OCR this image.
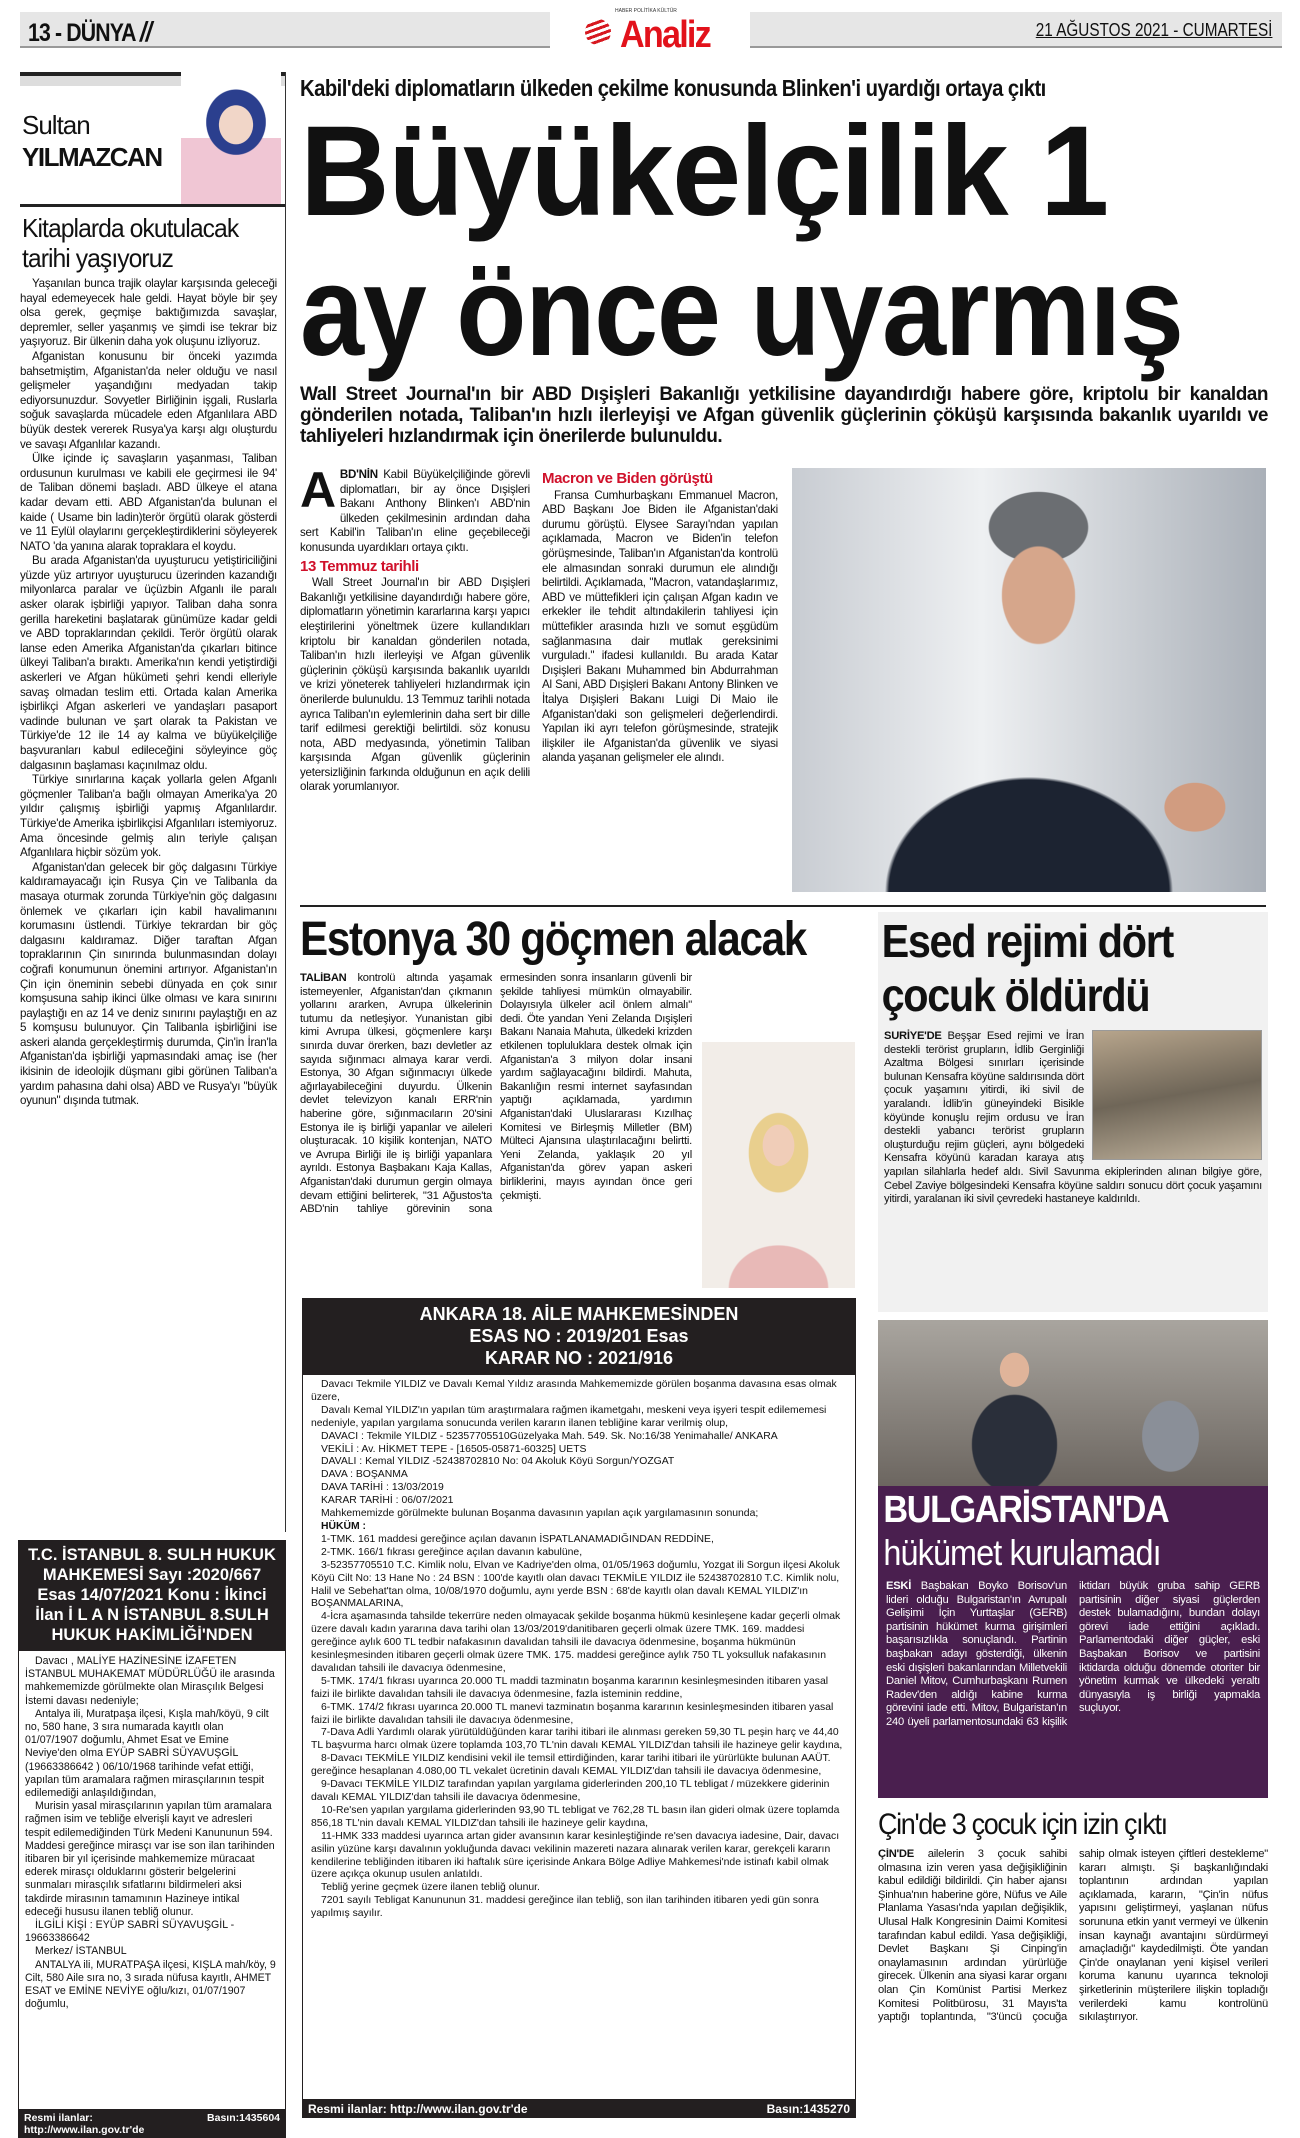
13 - DÜNYA //
HABER POLİTİKA KÜLTÜR
Analiz	21 AĞUSTOS 2021 - CUMARTESİ
Sultan
YILMAZCAN
Kitaplarda okutulacak tarihi yaşıyoruz

Yaşanılan bunca trajik olaylar karşısında geleceği hayal edemeyecek hale geldi. Hayat böyle bir şey olsa gerek, geçmişe baktığımızda savaşlar, depremler, seller yaşanmış ve şimdi ise tekrar biz yaşıyoruz. Bir ülkenin daha yok oluşunu izliyoruz.

Afganistan konusunu bir önceki yazımda bahsetmiştim, Afganistan'da neler olduğu ve nasıl gelişmeler yaşandığını medyadan takip ediyorsunuzdur. Sovyetler Birliğinin işgali, Ruslarla soğuk savaşlarda mücadele eden Afganlılara ABD büyük destek vererek Rusya'ya karşı algı oluşturdu ve savaşı Afganlılar kazandı.

Ülke içinde iç savaşların yaşanması, Taliban ordusunun kurulması ve kabili ele geçirmesi ile 94' de Taliban dönemi başladı. ABD ülkeye el atana kadar devam etti. ABD Afganistan'da bulunan el kaide ( Usame bin ladin)terör örgütü olarak gösterdi ve 11 Eylül olaylarını gerçekleştirdiklerini söyleyerek NATO 'da yanına alarak topraklara el koydu.

Bu arada Afganistan'da uyuşturucu yetiştiriciliğini yüzde yüz artırıyor uyuşturucu üzerinden kazandığı milyonlarca paralar ve üçüzbin Afganlı ile paralı asker olarak işbirliği yapıyor. Taliban daha sonra gerilla hareketini başlatarak günümüze kadar geldi ve ABD topraklarından çekildi. Terör örgütü olarak lanse eden Amerika Afganistan'da çıkarları bitince ülkeyi Taliban'a bıraktı. Amerika'nın kendi yetiştirdiği askerleri ve Afgan hükümeti şehri kendi elleriyle savaş olmadan teslim etti. Ortada kalan Amerika işbirlikçi Afgan askerleri ve yandaşları pasaport vadinde bulunan ve şart olarak ta Pakistan ve Türkiye'de 12 ile 14 ay kalma ve büyükelçiliğe başvuranları kabul edileceğini söyleyince göç dalgasının başlaması kaçınılmaz oldu.

Türkiye sınırlarına kaçak yollarla gelen Afganlı göçmenler Taliban'a bağlı olmayan Amerika'ya 20 yıldır çalışmış işbirliği yapmış Afganlılardır. Türkiye'de Amerika işbirlikçisi Afganlıları istemiyoruz. Ama öncesinde gelmiş alın teriyle çalışan Afganlılara hiçbir sözüm yok.

Afganistan'dan gelecek bir göç dalgasını Türkiye kaldıramayacağı için Rusya Çin ve Talibanla da masaya oturmak zorunda Türkiye'nin göç dalgasını önlemek ve çıkarları için kabil havalimanını korumasını üstlendi. Türkiye tekrardan bir göç dalgasını kaldıramaz. Diğer taraftan Afgan topraklarının Çin sınırında bulunmasından dolayı coğrafi konumunun önemini artırıyor. Afganistan'ın Çin için öneminin sebebi dünyada en çok sınır komşusuna sahip ikinci ülke olması ve kara sınırını paylaştığı en az 14 ve deniz sınırını paylaştığı en az 5 komşusu bulunuyor. Çin Talibanla işbirliğini ise askeri alanda gerçekleştirmiş durumda, Çin'in İran'la Afganistan'da işbirliği yapmasındaki amaç ise (her ikisinin de ideolojik düşmanı gibi görünen Taliban'a yardım pahasına dahi olsa) ABD ve Rusya'yı "büyük oyunun" dışında tutmak.

T.C. İSTANBUL 8. SULH HUKUK MAHKEMESİ Sayı :2020/667 Esas 14/07/2021 Konu : İkinci İlan İ L A N İSTANBUL 8.SULH HUKUK HAKİMLİĞİ'NDEN

Davacı , MALİYE HAZİNESİNE İZAFETEN İSTANBUL MUHAKEMAT MÜDÜRLÜĞÜ ile arasında mahkememizde görülmekte olan Mirasçılık Belgesi İstemi davası nedeniyle;

Antalya ili, Muratpaşa ilçesi, Kışla mah/köyü, 9 cilt no, 580 hane, 3 sıra numarada kayıtlı olan 01/07/1907 doğumlu, Ahmet Esat ve Emine Neviye'den olma EYÜP SABRİ SÜYAVUŞGİL (19663386642 ) 06/10/1968 tarihinde vefat ettiği, yapılan tüm aramalara rağmen mirasçılarının tespit edilemediği anlaşıldığından,

Murisin yasal mirasçılarının yapılan tüm aramalara rağmen isim ve tebliğe elverişli kayıt ve adresleri tespit edilemediğinden Türk Medeni Kanununun 594. Maddesi gereğince mirasçı var ise son ilan tarihinden itibaren bir yıl içerisinde mahkememize müracaat ederek mirasçı olduklarını gösterir belgelerini sunmaları mirasçılık sıfatlarını bildirmeleri aksi takdirde mirasının tamamının Hazineye intikal edeceği hususu ilanen tebliğ olunur.

İLGİLİ KİŞİ : EYÜP SABRİ SÜYAVUŞGİL - 19663386642

Merkez/ İSTANBUL

ANTALYA ili, MURATPAŞA ilçesi, KIŞLA mah/köy, 9 Cilt, 580 Aile sıra no, 3 sırada nüfusa kayıtlı, AHMET ESAT ve EMİNE NEVİYE oğlu/kızı, 01/07/1907 doğumlu,

Resmi ilanlar: http://www.ilan.gov.tr'de
Basın:1435604
Kabil'deki diplomatların ülkeden çekilme konusunda Blinken'i uyardığı ortaya çıktı
Büyükelçilik 1
ay önce uyarmış
Wall Street Journal'ın bir ABD Dışişleri Bakanlığı yetkilisine dayandırdığı habere göre, kriptolu bir kanaldan gönderilen notada, Taliban'ın hızlı ilerleyişi ve Afgan güvenlik güçlerinin çöküşü karşısında bakanlık uyarıldı ve tahliyeleri hızlandırmak için önerilerde bulunuldu.
ABD'NİN Kabil Büyükelçiliğinde görevli diplomatları, bir ay önce Dışişleri Bakanı Anthony Blinken'ı ABD'nin ülkeden çekilmesinin ardından daha sert Kabil'in Taliban'ın eline geçebileceği konusunda uyardıkları ortaya çıktı.
13 Temmuz tarihli

Wall Street Journal'ın bir ABD Dışişleri Bakanlığı yetkilisine dayandırdığı habere göre, diplomatların yönetimin kararlarına karşı yapıcı eleştirilerini yöneltmek üzere kullandıkları kriptolu bir kanaldan gönderilen notada, Taliban'ın hızlı ilerleyişi ve Afgan güvenlik güçlerinin çöküşü karşısında bakanlık uyarıldı ve krizi yöneterek tahliyeleri hızlandırmak için önerilerde bulunuldu. 13 Temmuz tarihli notada ayrıca Taliban'ın eylemlerinin daha sert bir dille tarif edilmesi gerektiği belirtildi. söz konusu nota, ABD medyasında, yönetimin Taliban karşısında Afgan güvenlik güçlerinin yetersizliğinin farkında olduğunun en açık delili olarak yorumlanıyor.

Macron ve Biden görüştü

Fransa Cumhurbaşkanı Emmanuel Macron, ABD Başkanı Joe Biden ile Afganistan'daki durumu görüştü. Elysee Sarayı'ndan yapılan açıklamada, Macron ve Biden'in telefon görüşmesinde, Taliban'ın Afganistan'da kontrolü ele almasından sonraki durumun ele alındığı belirtildi. Açıklamada, "Macron, vatandaşlarımız, ABD ve müttefikleri için çalışan Afgan kadın ve erkekler ile tehdit altındakilerin tahliyesi için müttefikler arasında hızlı ve somut eşgüdüm sağlanmasına dair mutlak gereksinimi vurguladı." ifadesi kullanıldı. Bu arada Katar Dışişleri Bakanı Muhammed bin Abdurrahman Al Sani, ABD Dışişleri Bakanı Antony Blinken ve İtalya Dışişleri Bakanı Luigi Di Maio ile Afganistan'daki son gelişmeleri değerlendirdi. Yapılan iki ayrı telefon görüşmesinde, stratejik ilişkiler ile Afganistan'da güvenlik ve siyasi alanda yaşanan gelişmeler ele alındı.

Estonya 30 göçmen alacak
TALİBAN kontrolü altında yaşamak istemeyenler, Afganistan'dan çıkmanın yollarını ararken, Avrupa ülkelerinin tutumu da netleşiyor. Yunanistan gibi kimi Avrupa ülkesi, göçmenlere karşı sınırda duvar örerken, bazı devletler az sayıda sığınmacı almaya karar verdi. Estonya, 30 Afgan sığınmacıyı ülkede ağırlayabileceğini duyurdu. Ülkenin devlet televizyon kanalı ERR'nin haberine göre, sığınmacıların 20'sini Estonya ile iş birliği yapanlar ve aileleri oluşturacak. 10 kişilik kontenjan, NATO ve Avrupa Birliği ile iş birliği yapanlara ayrıldı. Estonya Başbakanı Kaja Kallas, Afganistan'daki durumun gergin olmaya devam ettiğini belirterek, "31 Ağustos'ta ABD'nin tahliye görevinin sona ermesinden sonra insanların güvenli bir şekilde tahliyesi mümkün olmayabilir. Dolayısıyla ülkeler acil önlem almalı" dedi. Öte yandan Yeni Zelanda Dışişleri Bakanı Nanaia Mahuta, ülkedeki krizden etkilenen topluluklara destek olmak için Afganistan'a 3 milyon dolar insani yardım sağlayacağını bildirdi. Mahuta, Bakanlığın resmi internet sayfasından yaptığı açıklamada, yardımın Afganistan'daki Uluslararası Kızılhaç Komitesi ve Birleşmiş Milletler (BM) Mülteci Ajansına ulaştırılacağını belirtti. Yeni Zelanda, yaklaşık 20 yıl Afganistan'da görev yapan askeri birliklerini, mayıs ayından önce geri çekmişti.
Esed rejimi dört çocuk öldürdü
SURİYE'DE Beşşar Esed rejimi ve İran destekli terörist grupların, İdlib Gerginliği Azaltma Bölgesi sınırları içerisinde bulunan Kensafra köyüne saldırısında dört çocuk yaşamını yitirdi, iki sivil de yaralandı. İdlib'in güneyindeki Bisikle köyünde konuşlu rejim ordusu ve İran destekli yabancı terörist grupların oluşturduğu rejim güçleri, aynı bölgedeki Kensafra köyünü karadan karaya atış yapılan silahlarla hedef aldı. Sivil Savunma ekiplerinden alınan bilgiye göre, Cebel Zaviye bölgesindeki Kensafra köyüne saldırı sonucu dört çocuk yaşamını yitirdi, yaralanan iki sivil çevredeki hastaneye kaldırıldı.
ANKARA 18. AİLE MAHKEMESİNDEN
ESAS NO : 2019/201 Esas
KARAR NO : 2021/916

Davacı Tekmile YILDIZ ve Davalı Kemal Yıldız arasında Mahkememizde görülen boşanma davasına esas olmak üzere,

Davalı Kemal YILDIZ'ın yapılan tüm araştırmalara rağmen ikametgahı, meskeni veya işyeri tespit edilememesi nedeniyle, yapılan yargılama sonucunda verilen kararın ilanen tebliğine karar verilmiş olup,

DAVACI : Tekmile YILDIZ - 52357705510Güzelyaka Mah. 549. Sk. No:16/38 Yenimahalle/ ANKARA

VEKİLİ : Av. HİKMET TEPE - [16505-05871-60325] UETS

DAVALI : Kemal YILDIZ -52438702810 No: 04 Akoluk Köyü Sorgun/YOZGAT

DAVA : BOŞANMA

DAVA TARİHİ : 13/03/2019

KARAR TARİHİ : 06/07/2021

Mahkememizde görülmekte bulunan Boşanma davasının yapılan açık yargılamasının sonunda;

HÜKÜM :

1-TMK. 161 maddesi gereğince açılan davanın İSPATLANAMADIĞINDAN REDDİNE,

2-TMK. 166/1 fıkrası gereğince açılan davanın kabulüne,

3-52357705510 T.C. Kimlik nolu, Elvan ve Kadriye'den olma, 01/05/1963 doğumlu, Yozgat ili Sorgun ilçesi Akoluk Köyü Cilt No: 13 Hane No : 24 BSN : 100'de kayıtlı olan davacı TEKMİLE YILDIZ ile 52438702810 T.C. Kimlik nolu, Halil ve Sebehat'tan olma, 10/08/1970 doğumlu, aynı yerde BSN : 68'de kayıtlı olan davalı KEMAL YILDIZ'ın BOŞANMALARINA,

4-İcra aşamasında tahsilde tekerrüre neden olmayacak şekilde boşanma hükmü kesinleşene kadar geçerli olmak üzere davalı kadın yararına dava tarihi olan 13/03/2019'danitibaren geçerli olmak üzere TMK. 169. maddesi gereğince aylık 600 TL tedbir nafakasının davalıdan tahsili ile davacıya ödenmesine, boşanma hükmünün kesinleşmesinden itibaren geçerli olmak üzere TMK. 175. maddesi gereğince aylık 750 TL yoksulluk nafakasının davalıdan tahsili ile davacıya ödenmesine,

5-TMK. 174/1 fıkrası uyarınca 20.000 TL maddi tazminatın boşanma kararının kesinleşmesinden itibaren yasal faizi ile birlikte davalıdan tahsili ile davacıya ödenmesine, fazla isteminin reddine,

6-TMK. 174/2 fıkrası uyarınca 20.000 TL manevi tazminatın boşanma kararının kesinleşmesinden itibaren yasal faizi ile birlikte davalıdan tahsili ile davacıya ödenmesine,

7-Dava Adli Yardımlı olarak yürütüldüğünden karar tarihi itibari ile alınması gereken 59,30 TL peşin harç ve 44,40 TL başvurma harcı olmak üzere toplamda 103,70 TL'nin davalı KEMAL YILDIZ'dan tahsili ile hazineye gelir kaydına,

8-Davacı TEKMİLE YILDIZ kendisini vekil ile temsil ettirdiğinden, karar tarihi itibari ile yürürlükte bulunan AAÜT. gereğince hesaplanan 4.080,00 TL vekalet ücretinin davalı KEMAL YILDIZ'dan tahsili ile davacıya ödenmesine,

9-Davacı TEKMİLE YILDIZ tarafından yapılan yargılama giderlerinden 200,10 TL tebligat / müzekkere giderinin davalı KEMAL YILDIZ'dan tahsili ile davacıya ödenmesine,

10-Re'sen yapılan yargılama giderlerinden 93,90 TL tebligat ve 762,28 TL basın ilan gideri olmak üzere toplamda 856,18 TL'nin davalı KEMAL YILDIZ'dan tahsili ile hazineye gelir kaydına,

11-HMK 333 maddesi uyarınca artan gider avansının karar kesinleştiğinde re'sen davacıya iadesine, Dair, davacı asilin yüzüne karşı davalının yokluğunda davacı vekilinin mazereti nazara alınarak verilen karar, gerekçeli kararın kendilerine tebliğinden itibaren iki haftalık süre içerisinde Ankara Bölge Adliye Mahkemesi'nde istinafı kabil olmak üzere açıkça okunup usulen anlatıldı.

Tebliğ yerine geçmek üzere ilanen tebliğ olunur.

7201 sayılı Tebligat Kanununun 31. maddesi gereğince ilan tebliğ, son ilan tarihinden itibaren yedi gün sonra yapılmış sayılır.

Resmi ilanlar: http://www.ilan.gov.tr'de	Basın:1435270
BULGARİSTAN'DA
hükümet kurulamadı
ESKİ Başbakan Boyko Borisov'un lideri olduğu Bulgaristan'ın Avrupalı Gelişimi İçin Yurttaşlar (GERB) partisinin hükümet kurma girişimleri başarısızlıkla sonuçlandı. Partinin başbakan adayı gösterdiği, ülkenin eski dışişleri bakanlarından Milletvekili Daniel Mitov, Cumhurbaşkanı Rumen Radev'den aldığı kabine kurma görevini iade etti. Mitov, Bulgaristan'ın 240 üyeli parlamentosundaki 63 kişilik iktidarı büyük gruba sahip GERB partisinin diğer siyasi güçlerden destek bulamadığını, bundan dolayı görevi iade ettiğini açıkladı. Parlamentodaki diğer güçler, eski Başbakan Borisov ve partisini iktidarda olduğu dönemde otoriter bir yönetim kurmak ve ülkedeki yeraltı dünyasıyla iş birliği yapmakla suçluyor.
Çin'de 3 çocuk için izin çıktı
ÇİN'DE ailelerin 3 çocuk sahibi olmasına izin veren yasa değişikliğinin kabul edildiği bildirildi. Çin haber ajansı Şinhua'nın haberine göre, Nüfus ve Aile Planlama Yasası'nda yapılan değişiklik, Ulusal Halk Kongresinin Daimi Komitesi tarafından kabul edildi. Yasa değişikliği, Devlet Başkanı Şi Cinping'in onaylamasının ardından yürürlüğe girecek. Ülkenin ana siyasi karar organı olan Çin Komünist Partisi Merkez Komitesi Politbürosu, 31 Mayıs'ta yaptığı toplantında, "3'üncü çocuğa sahip olmak isteyen çiftleri destekleme" kararı almıştı. Şi başkanlığındaki toplantının ardından yapılan açıklamada, kararın, "Çin'in nüfus yapısını geliştirmeyi, yaşlanan nüfus sorununa etkin yanıt vermeyi ve ülkenin insan kaynağı avantajını sürdürmeyi amaçladığı" kaydedilmişti. Öte yandan Çin'de onaylanan yeni kişisel verileri koruma kanunu uyarınca teknoloji şirketlerinin müşterilere ilişkin topladığı verilerdeki kamu kontrolünü sıkılaştırıyor.
